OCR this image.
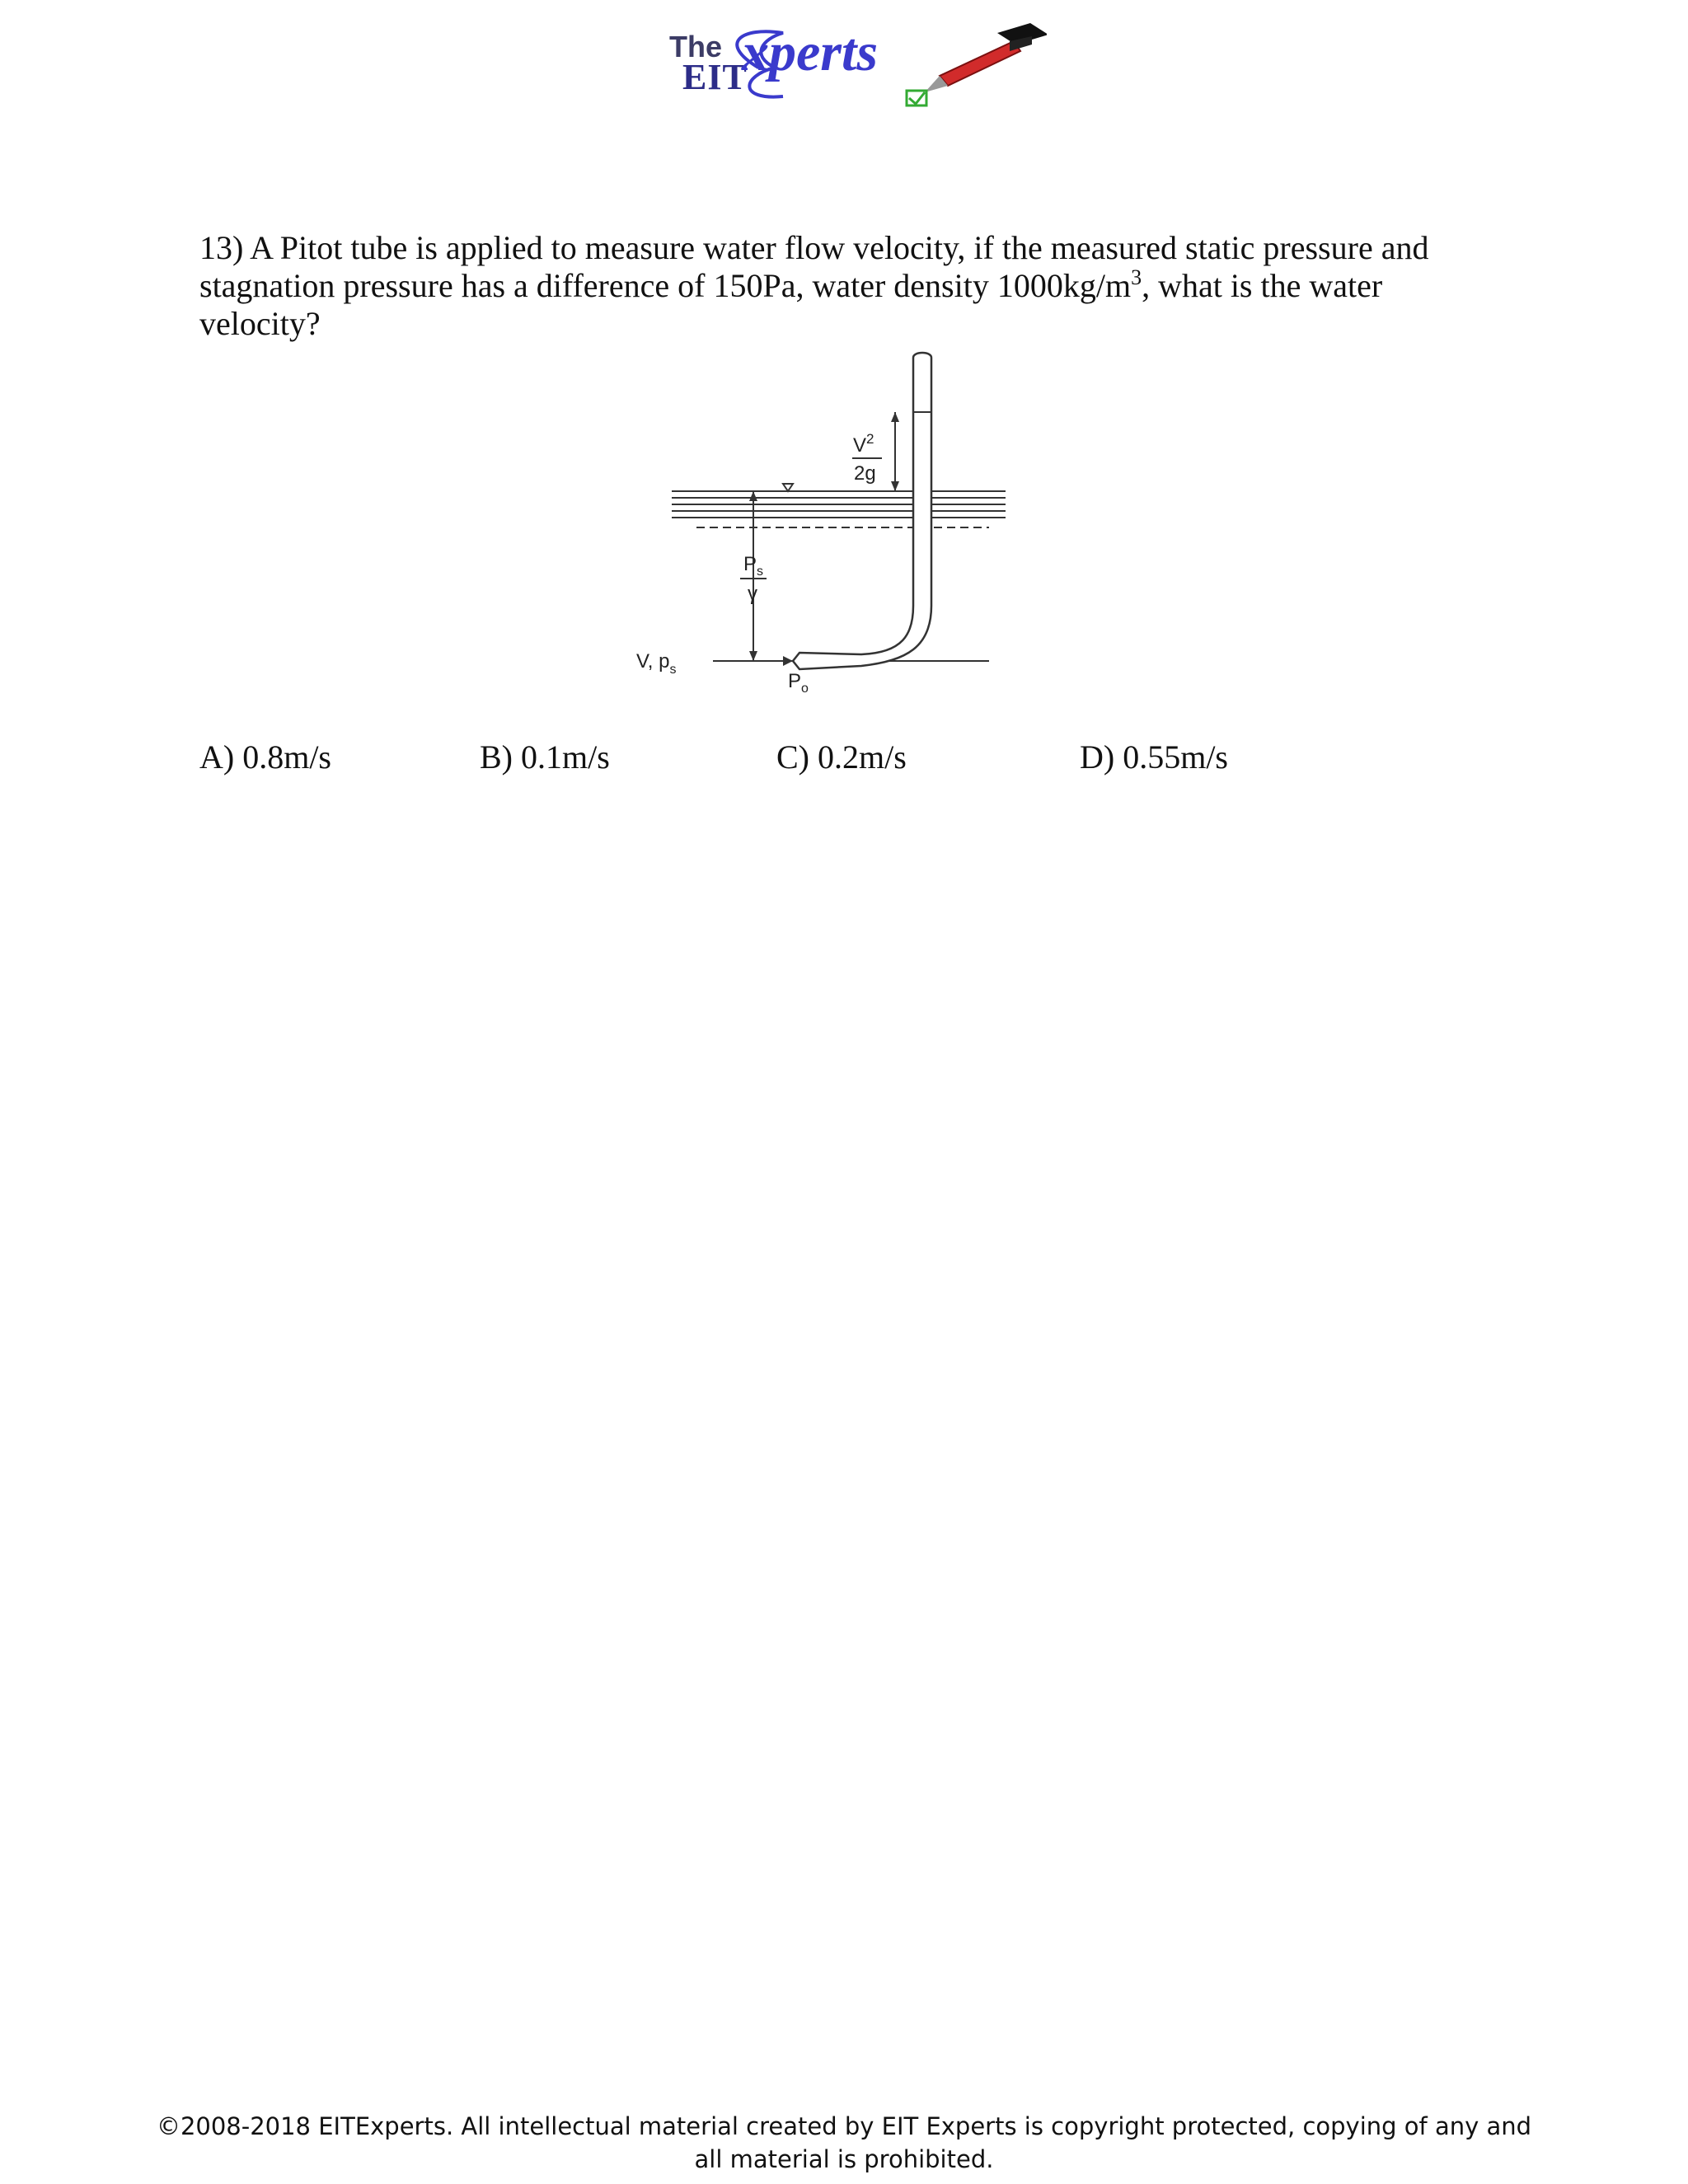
The
EIT
xperts
13) A Pitot tube is applied to measure water flow velocity, if the measured static pressure and stagnation pressure has a difference of 150Pa, water density $1000kg/m^3$, what is the water velocity?
$V^2$
2g
$P_s$
γ
V, $p_s$
$P_o$
A) 0.8m/s	B) 0.1m/s	C) 0.2m/s	D) 0.55m/s
©2008-2018 EITExperts. All intellectual material created by EIT Experts is copyright protected, copying of any and
all material is prohibited.
